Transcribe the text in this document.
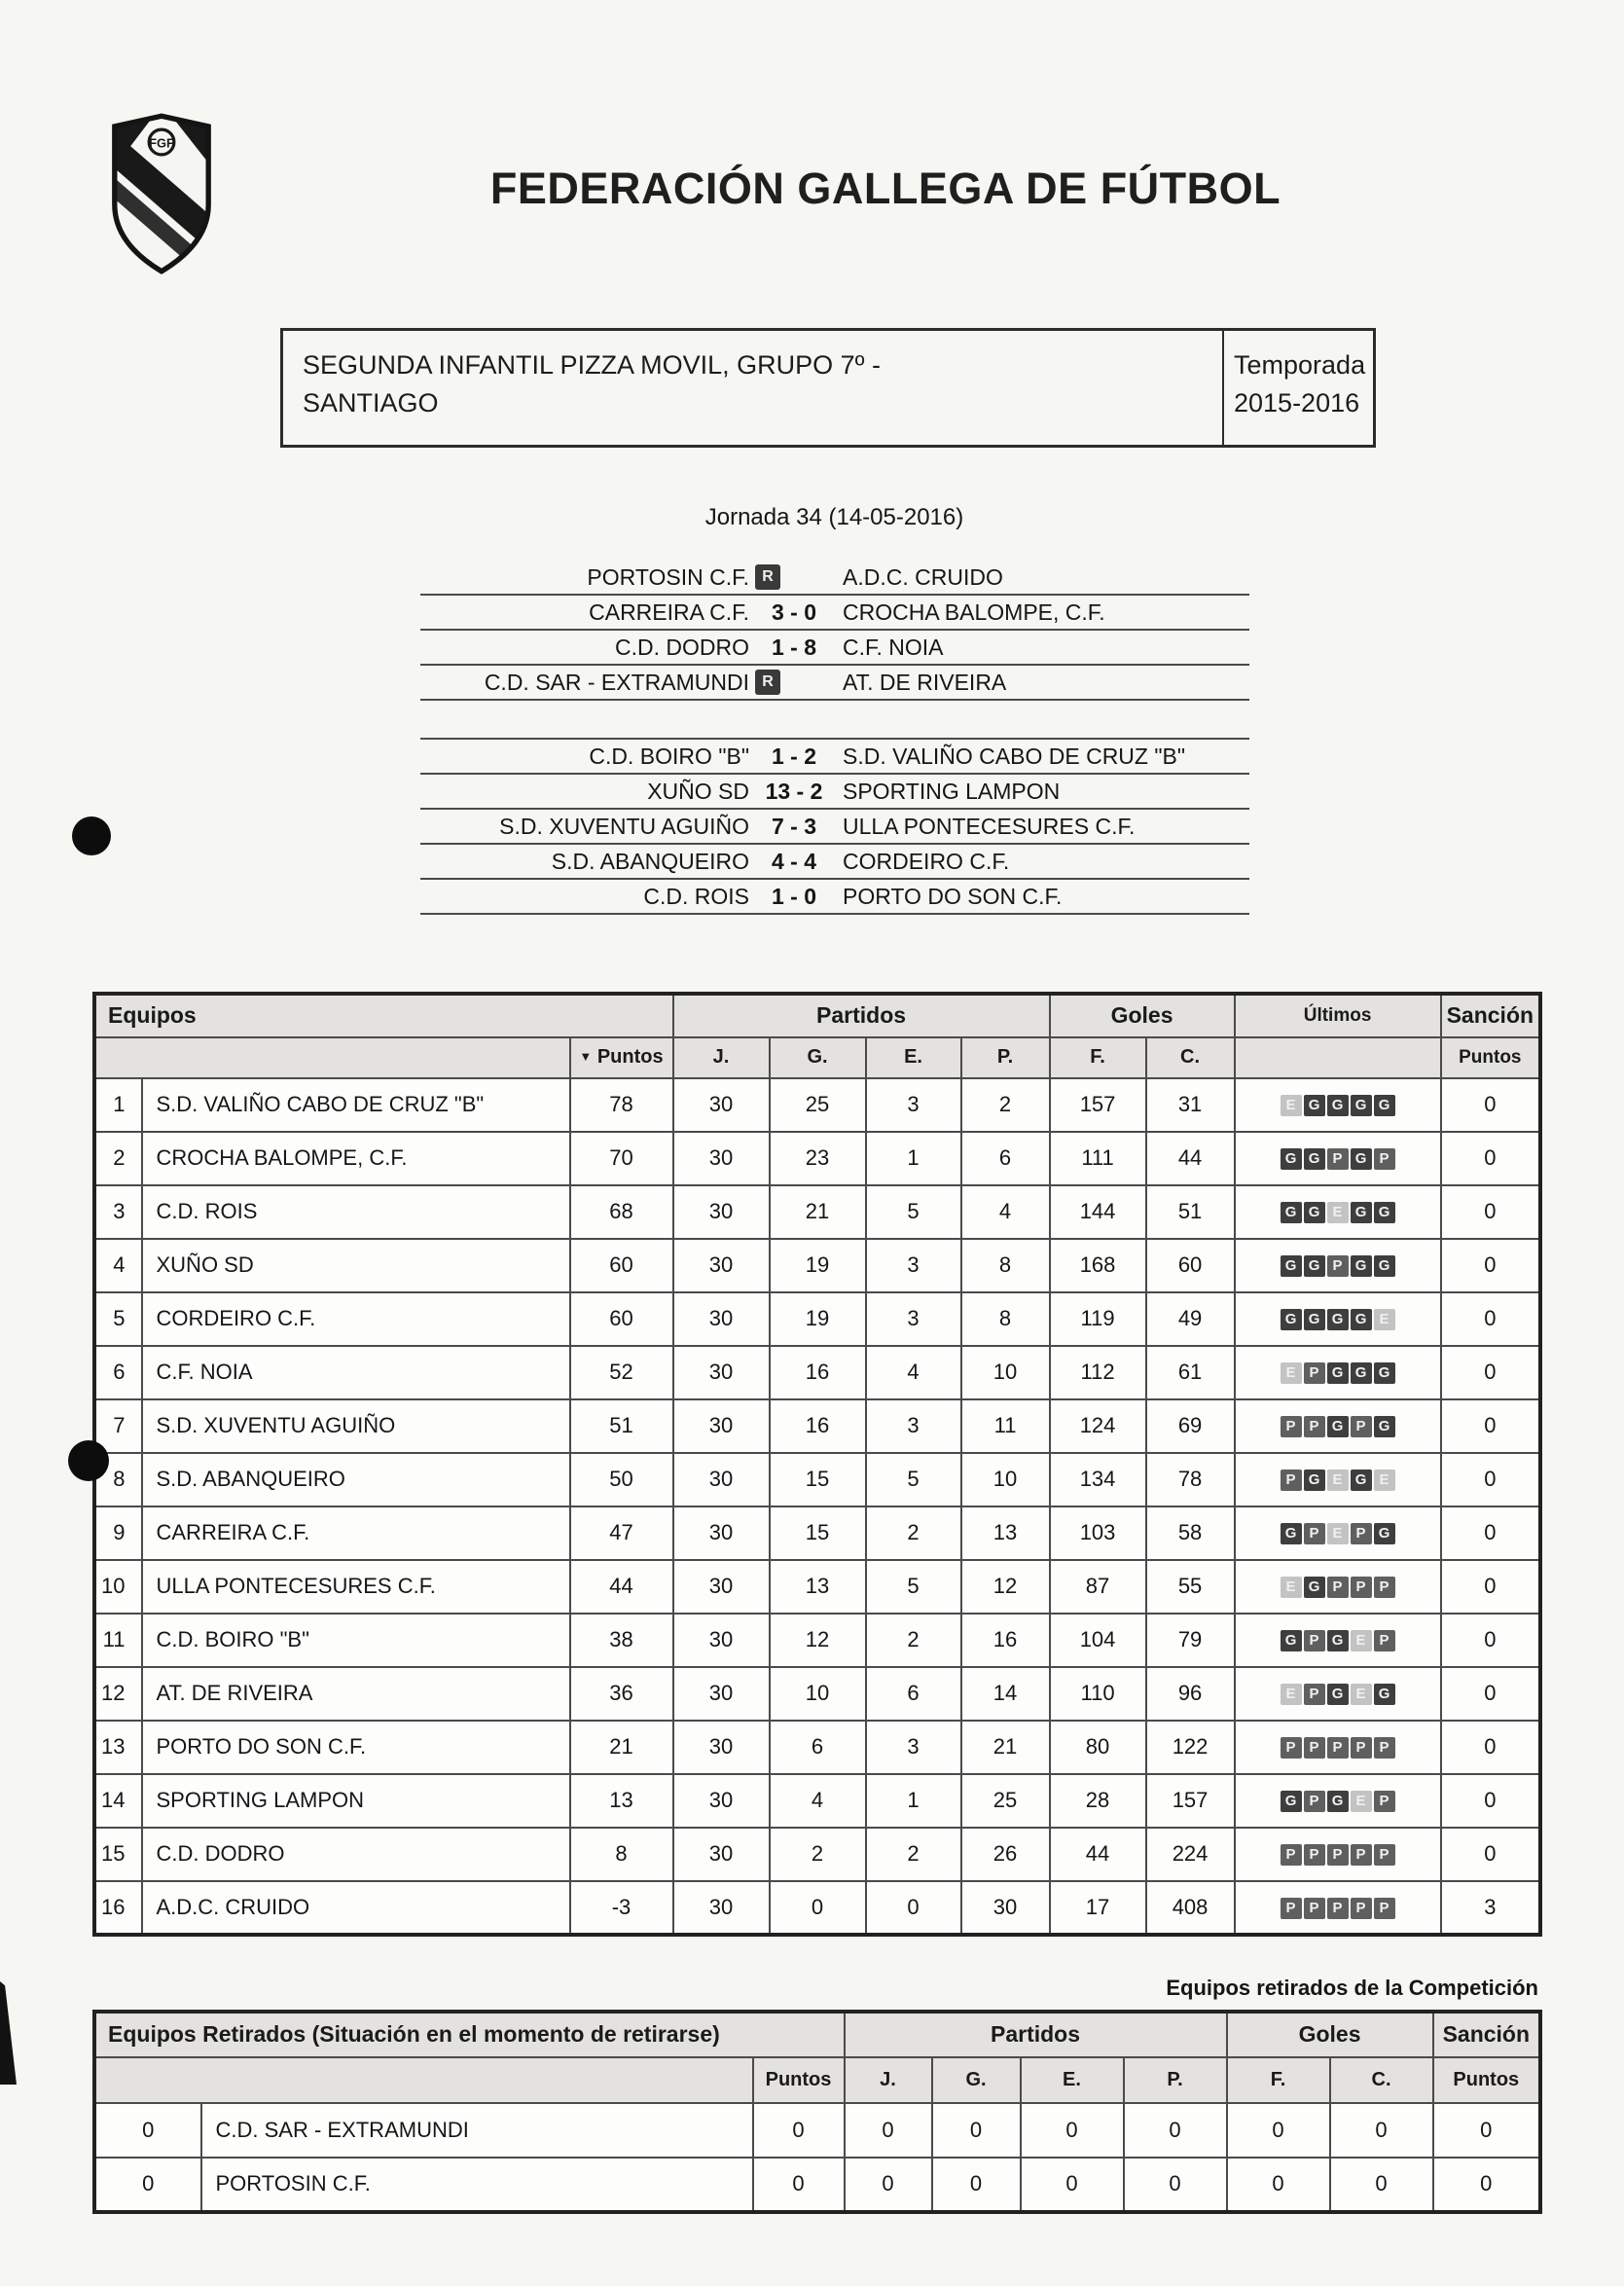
FGF
FEDERACIÓN GALLEGA DE FÚTBOL
SEGUNDA INFANTIL PIZZA MOVIL, GRUPO 7º -
SANTIAGO
Temporada
2015-2016
Jornada 34 (14-05-2016)
PORTOSIN C.F. R	A.D.C. CRUIDO
CARREIRA C.F. 3 - 0	CROCHA BALOMPE, C.F.
C.D. DODRO 1 - 8	C.F. NOIA
C.D. SAR - EXTRAMUNDI R	AT. DE RIVEIRA
C.D. BOIRO "B" 1 - 2	S.D. VALIÑO CABO DE CRUZ "B"
XUÑO SD 13 - 2 SPORTING LAMPON
S.D. XUVENTU AGUIÑO 7 - 3	ULLA PONTECESURES C.F.
S.D. ABANQUEIRO 4 - 4	CORDEIRO C.F.
C.D. ROIS 1 - 0	PORTO DO SON C.F.
Equipos			Partidos				Goles		Últimos	Sanción
		▼ Puntos	J.	G.	E.	P.	F.	C.		Puntos
1	S.D. VALIÑO CABO DE CRUZ "B"	78	30	25	3	2	157	31	E G G G G	0
2	CROCHA BALOMPE, C.F.	70	30	23	1	6	111	44	G G P G P	0
3	C.D. ROIS	68	30	21	5	4	144	51	G G E G G	0
4	XUÑO SD	60	30	19	3	8	168	60	G G P G G	0
5	CORDEIRO C.F.	60	30	19	3	8	119	49	G G G G E	0
6	C.F. NOIA	52	30	16	4	10	112	61	E P G G G	0
7	S.D. XUVENTU AGUIÑO	51	30	16	3	11	124	69	P P G P G	0
8	S.D. ABANQUEIRO	50	30	15	5	10	134	78	P G E G E	0
9	CARREIRA C.F.	47	30	15	2	13	103	58	G P E P G	0
10	ULLA PONTECESURES C.F.	44	30	13	5	12	87	55	E G P P P	0
11	C.D. BOIRO "B"	38	30	12	2	16	104	79	G P G E P	0
12	AT. DE RIVEIRA	36	30	10	6	14	110	96	E P G E G	0
13	PORTO DO SON C.F.	21	30	6	3	21	80	122	P P P P P	0
14	SPORTING LAMPON	13	30	4	1	25	28	157	G P G E P	0
15	C.D. DODRO	8	30	2	2	26	44	224	P P P P P	0
16	A.D.C. CRUIDO	-3	30	0	0	30	17	408	P P P P P	3
Equipos retirados de la Competición
Equipos Retirados (Situación en el momento de retirarse)			Partidos				Goles		Sanción
		Puntos	J.	G.	E.	P.	F.	C.	Puntos
0	C.D. SAR - EXTRAMUNDI	0	0	0	0	0	0	0	0
0	PORTOSIN C.F.	0	0	0	0	0	0	0	0
